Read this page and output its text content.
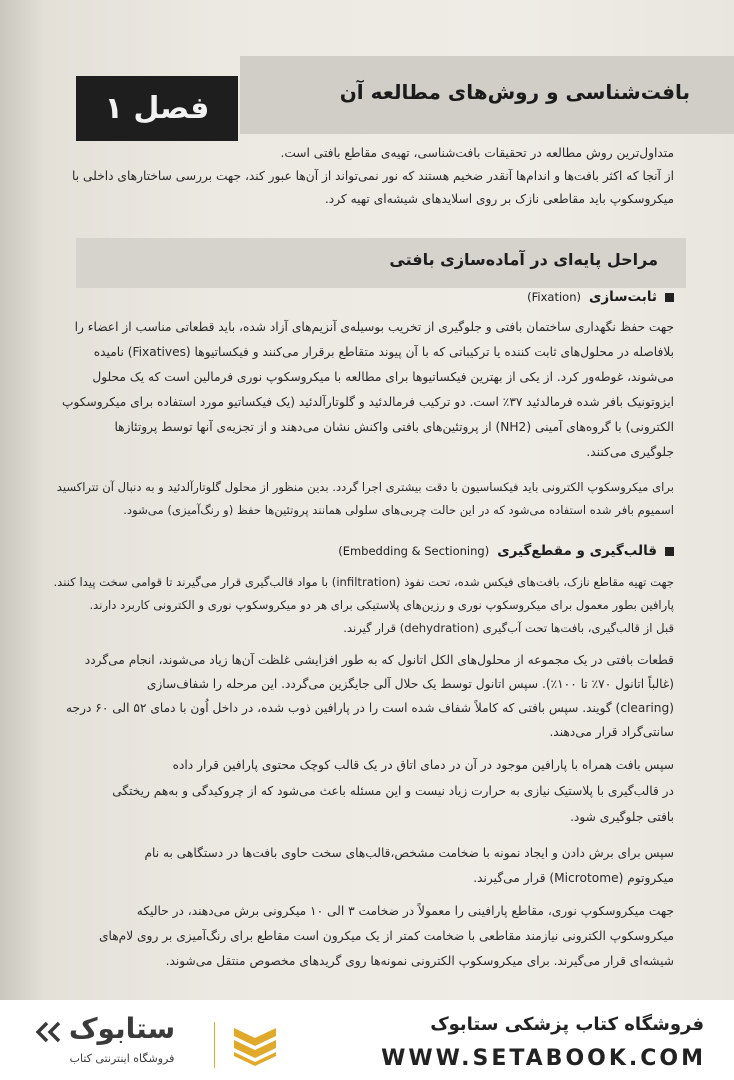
بافت‌شناسی و روش‌های مطالعه آن
فصل ۱

متداول‌ترین روش مطالعه در تحقیقات بافت‌شناسی، تهیه‌ی مقاطع بافتی است.

از آنجا که اکثر بافت‌ها و اندام‌ها آنقدر ضخیم هستند که نور نمی‌تواند از آن‌ها عبور کند، جهت بررسی ساختارهای داخلی با

میکروسکوپ باید مقاطعی نازک بر روی اسلایدهای شیشه‌ای تهیه کرد.

مراحل پایه‌ای در آماده‌سازی بافتی
ثابت‌سازی
(Fixation)

جهت حفظ نگهداری ساختمان بافتی و جلوگیری از تخریب بوسیله‌ی آنزیم‌های آزاد شده، باید قطعاتی مناسب از اعضاء را

بلافاصله در محلول‌های ثابت کننده یا ترکیباتی که با آن پیوند متقاطع برقرار می‌کنند و فیکساتیوها (Fixatives) نامیده

می‌شوند، غوطه‌ور کرد. از یکی از بهترین فیکساتیوها برای مطالعه با میکروسکوپ نوری فرمالین است که یک محلول

ایزوتونیک بافر شده فرمالدئید ۳۷٪ است. دو ترکیب فرمالدئید و گلوتارآلدئید (یک فیکساتیو مورد استفاده برای میکروسکوپ

الکترونی) با گروه‌های آمینی (NH2) از پروتئین‌های بافتی واکنش نشان می‌دهند و از تجزیه‌ی آنها توسط پروتئازها

جلوگیری می‌کنند.

برای میکروسکوپ الکترونی باید فیکساسیون با دقت بیشتری اجرا گردد. بدین منظور از محلول گلوتارآلدئید و به دنبال آن تتراکسید

اسمیوم بافر شده استفاده می‌شود که در این حالت چربی‌های سلولی همانند پروتئین‌ها حفظ (و رنگ‌آمیزی) می‌شود.

قالب‌گیری و مقطع‌گیری
(Embedding & Sectioning)

جهت تهیه مقاطع نازک، بافت‌های فیکس شده، تحت نفوذ (infiltration) با مواد قالب‌گیری قرار می‌گیرند تا قوامی سخت پیدا کنند.

پارافین بطور معمول برای میکروسکوپ نوری و رزین‌های پلاستیکی برای هر دو میکروسکوپ نوری و الکترونی کاربرد دارند.

قبل از قالب‌گیری، بافت‌ها تحت آب‌گیری (dehydration) قرار گیرند.

قطعات بافتی در یک مجموعه از محلول‌های الکل اتانول که به طور افزایشی غلظت آن‌ها زیاد می‌شوند، انجام می‌گردد

(غالباً اتانول ۷۰٪ تا ۱۰۰٪). سپس اتانول توسط یک حلال آلی جایگزین می‌گردد. این مرحله را شفاف‌سازی

(clearing) گویند. سپس بافتی که کاملاً شفاف شده است را در پارافین ذوب شده، در داخل اُون با دمای ۵۲ الی ۶۰ درجه

سانتی‌گراد قرار می‌دهند.

سپس بافت همراه با پارافین موجود در آن در دمای اتاق در یک قالب کوچک محتوی پارافین قرار داده

در قالب‌گیری با پلاستیک نیازی به حرارت زیاد نیست و این مسئله باعث می‌شود که از چروکیدگی و به‌هم ریختگی

بافتی جلوگیری شود.

سپس برای برش دادن و ایجاد نمونه با ضخامت مشخص،قالب‌های سخت حاوی بافت‌ها در دستگاهی به نام

میکروتوم (Microtome) قرار می‌گیرند.

جهت میکروسکوپ نوری، مقاطع پارافینی را معمولاً در ضخامت ۳ الی ۱۰ میکرونی برش می‌دهند، در حالیکه

میکروسکوپ الکترونی نیازمند مقاطعی با ضخامت کمتر از یک میکرون است مقاطع برای رنگ‌آمیزی بر روی لام‌های

شیشه‌ای قرار می‌گیرند. برای میکروسکوپ الکترونی نمونه‌ها روی گریدهای مخصوص منتقل می‌شوند.

ستابوک

فروشگاه اینترنتی کتاب

فروشگاه کتاب پزشکی ستابوک

WWW.SETABOOK.COM
